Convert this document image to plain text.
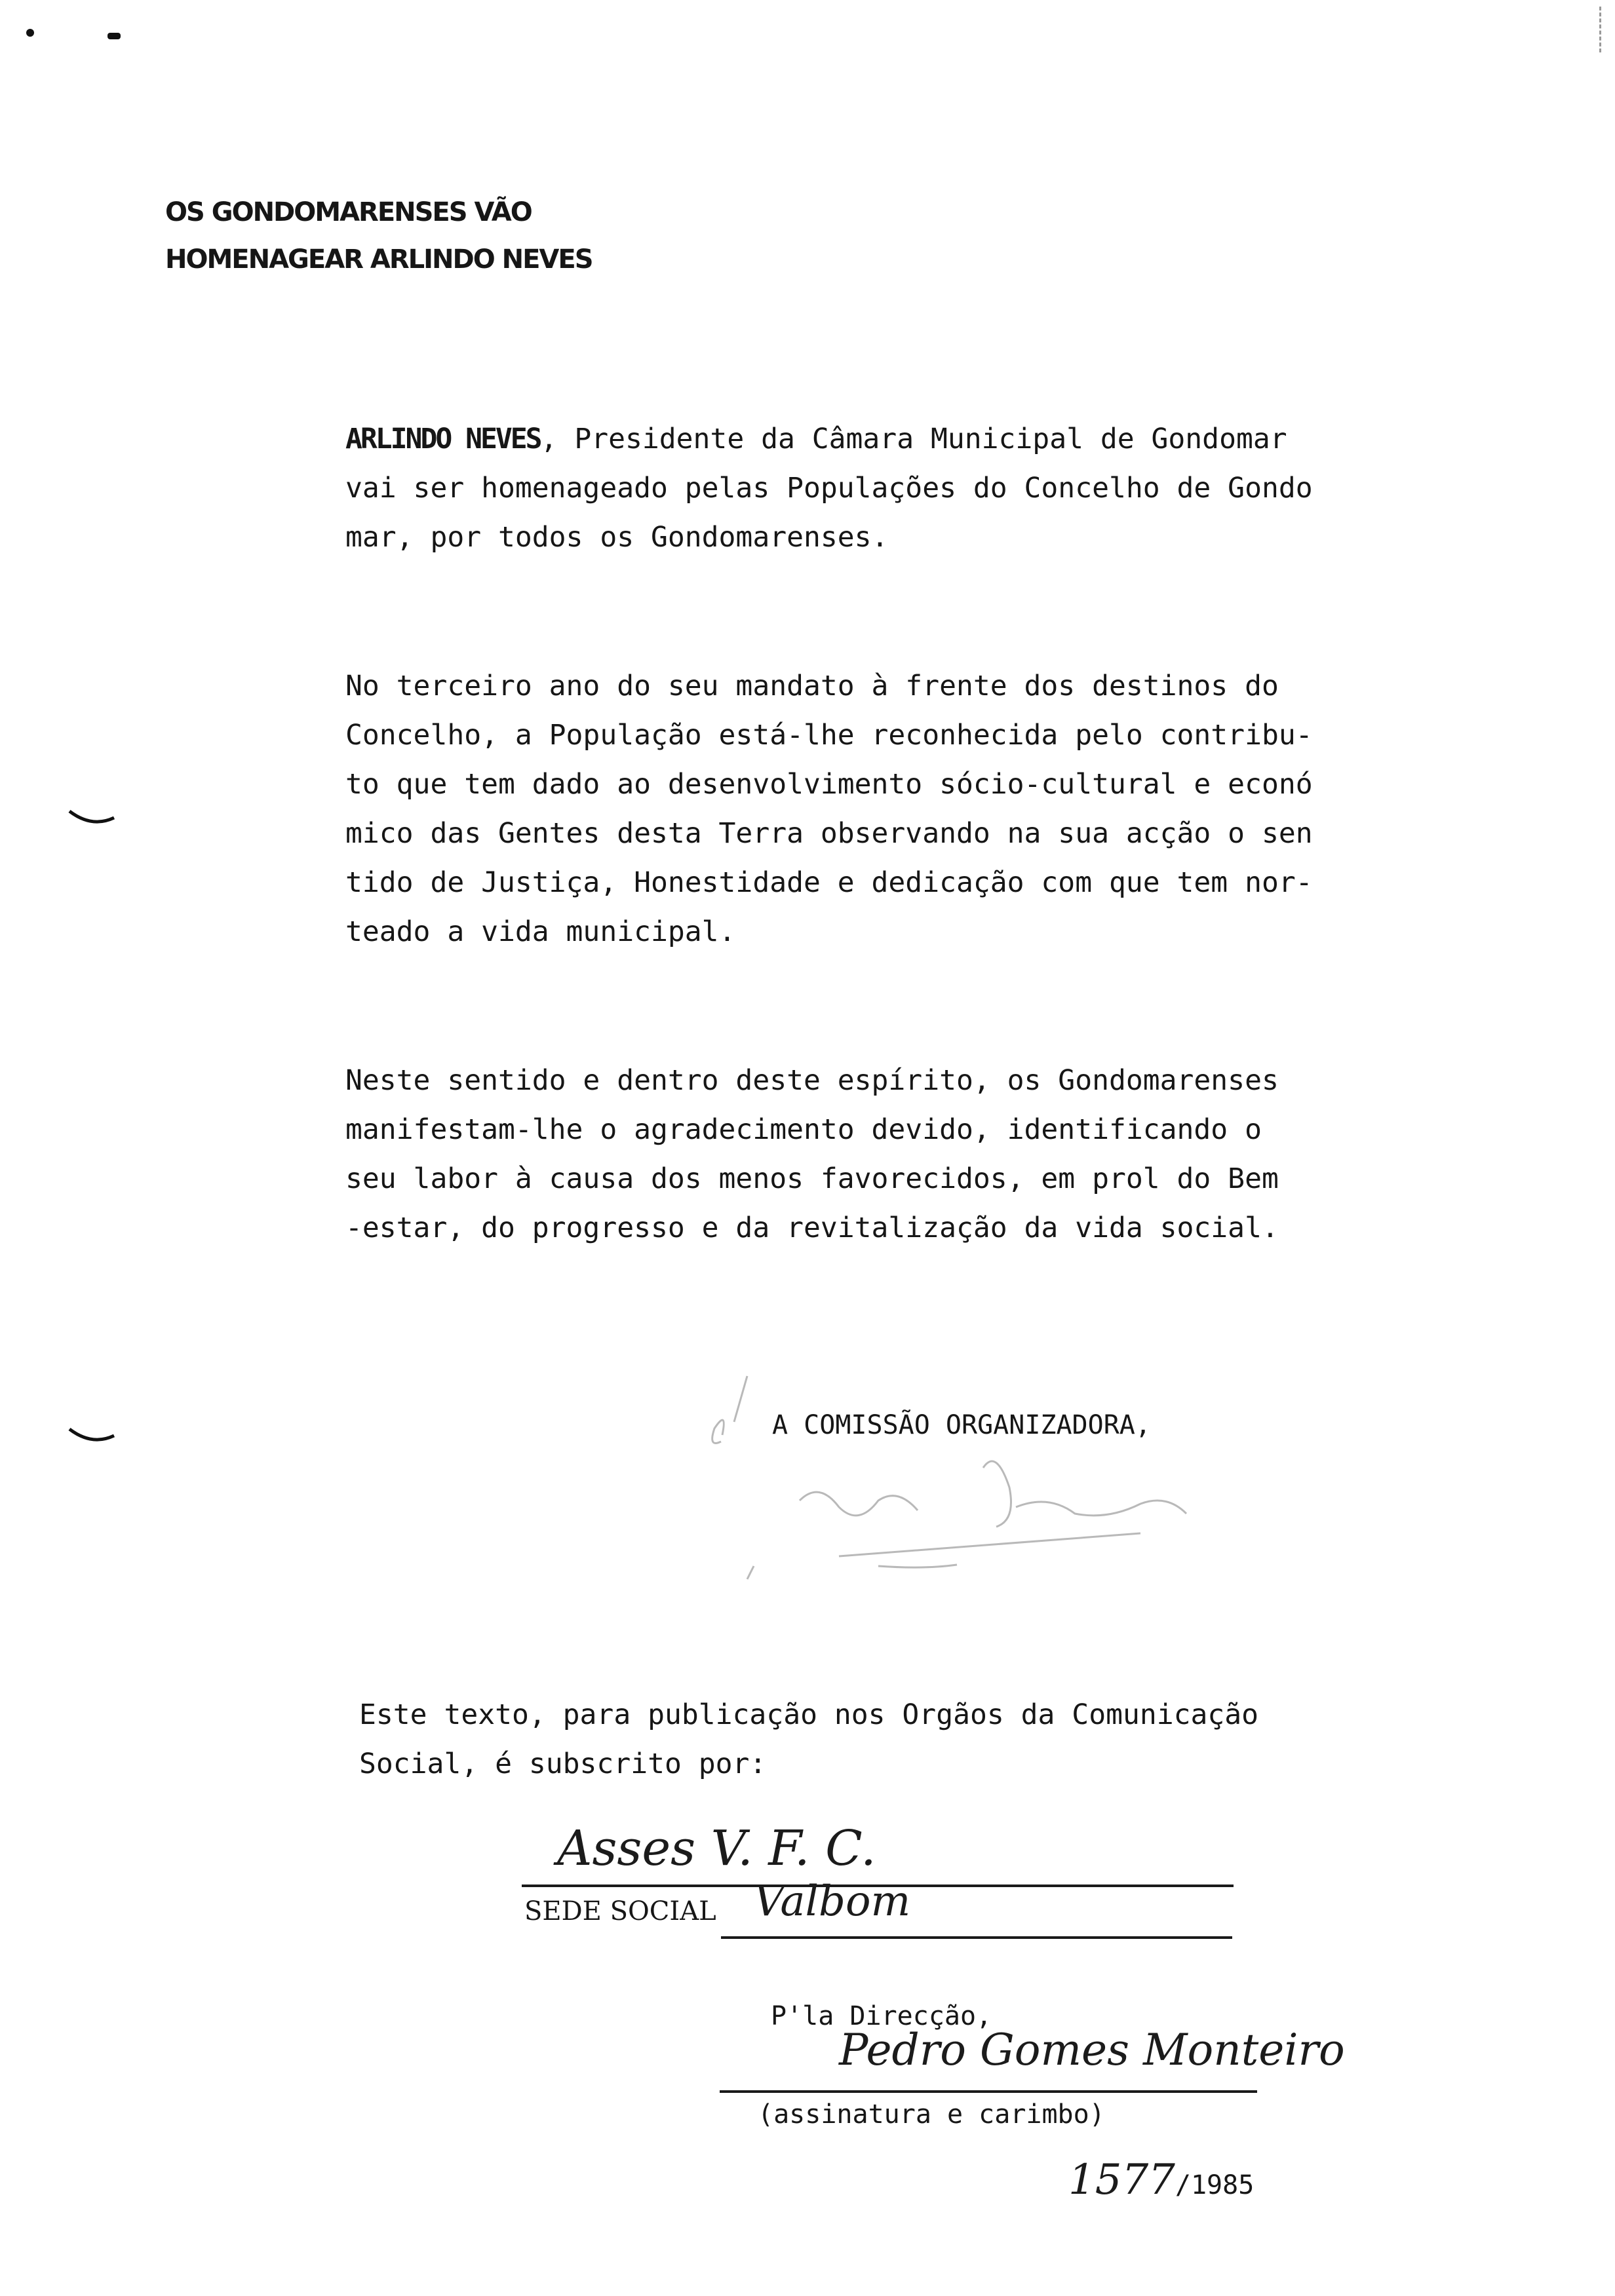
OS GONDOMARENSES VÃO
HOMENAGEAR ARLINDO NEVES
ARLINDO NEVES, Presidente da Câmara Municipal de Gondomar
vai ser homenageado pelas Populações do Concelho de Gondo
mar, por todos os Gondomarenses.
No terceiro ano do seu mandato à frente dos destinos do
Concelho, a População está-lhe reconhecida pelo contribu-
to que tem dado ao desenvolvimento sócio-cultural e econó
mico das Gentes desta Terra observando na sua acção o sen
tido de Justiça, Honestidade e dedicação com que tem nor-
teado a vida municipal.
Neste sentido e dentro deste espírito, os Gondomarenses
manifestam-lhe o agradecimento devido, identificando o
seu labor à causa dos menos favorecidos, em prol do Bem
-estar, do progresso e da revitalização da vida social.
A COMISSÃO ORGANIZADORA,
Este texto, para publicação nos Orgãos da Comunicação
Social, é subscrito por:
Asses V. F. C.
SEDE SOCIAL Valbom
P'la Direcção,
Pedro Gomes Monteiro
(assinatura e carimbo)
1577/1985
